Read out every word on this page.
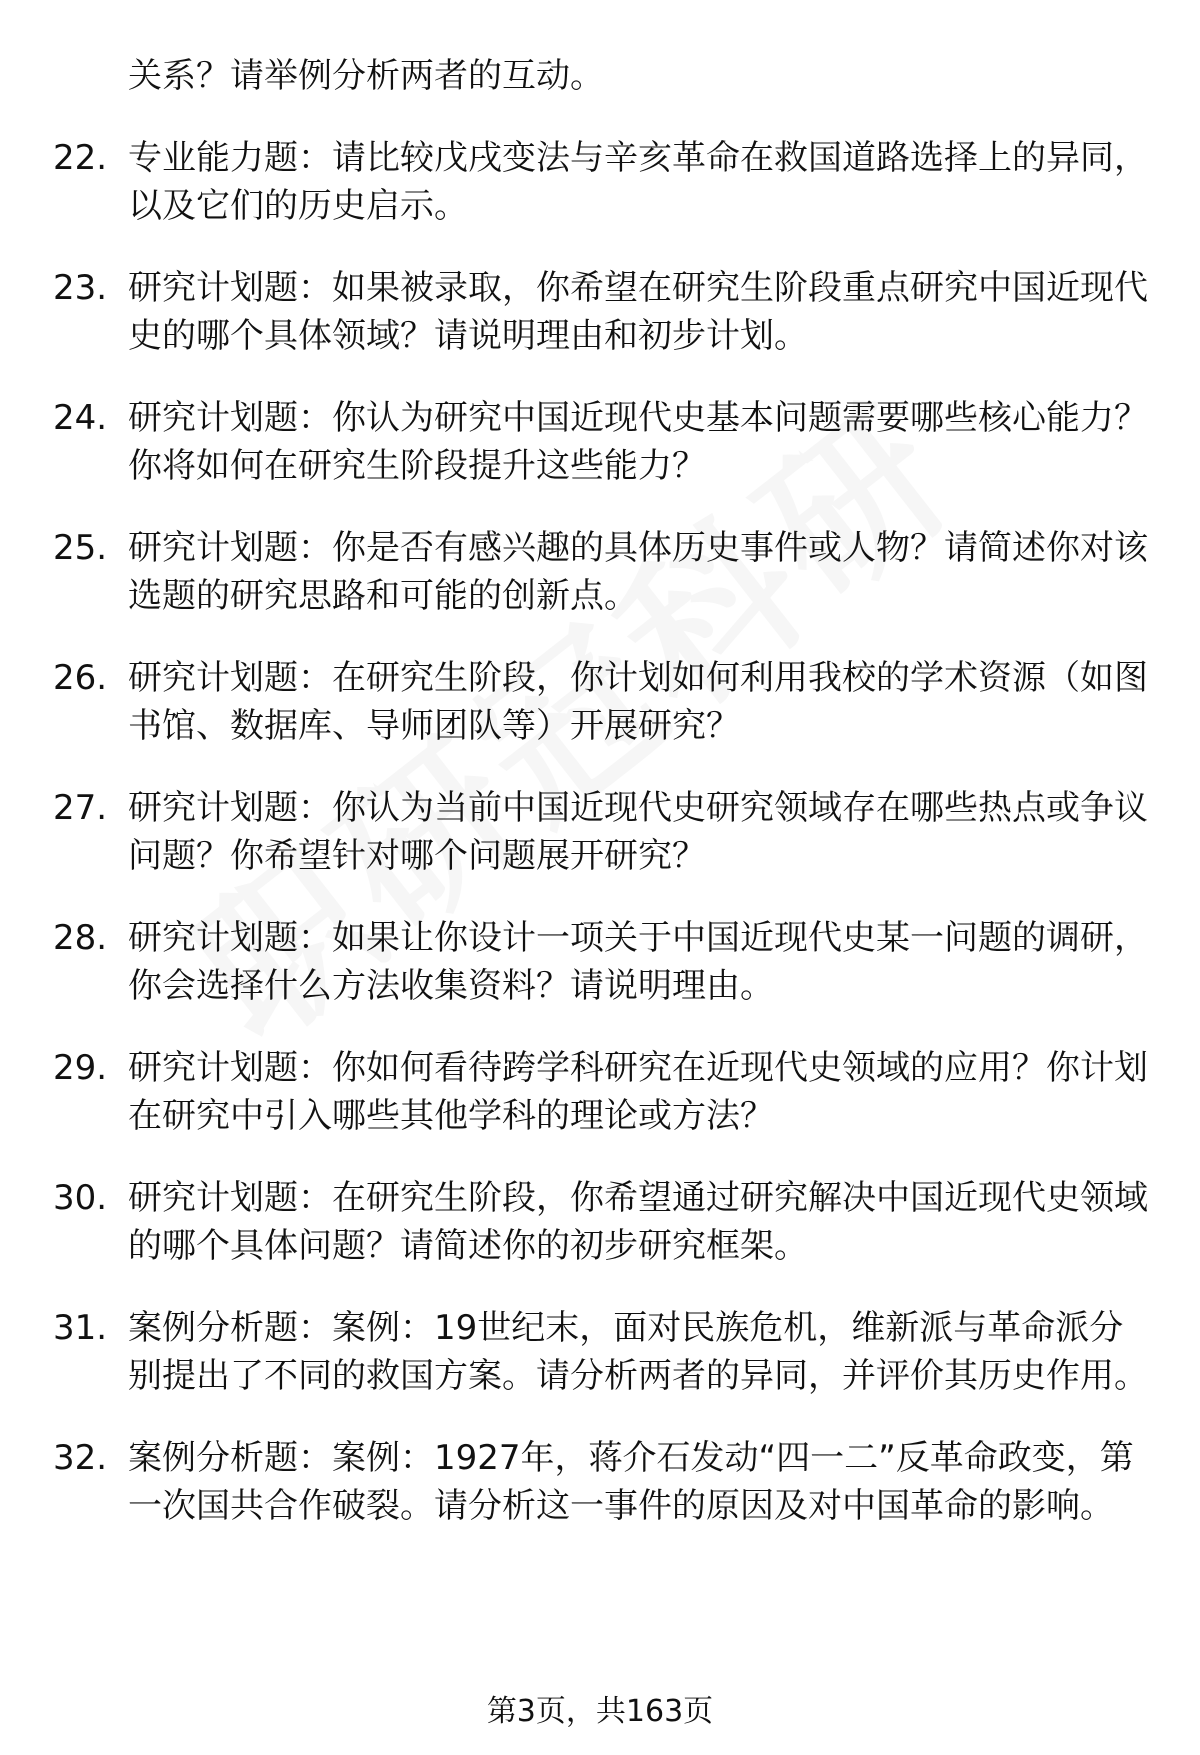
关系？请举例分析两者的互动。
22. 专业能力题：请比较戊戌变法与辛亥革命在救国道路选择上的异同，以及它们的历史启示。
23. 研究计划题：如果被录取，你希望在研究生阶段重点研究中国近现代史的哪个具体领域？请说明理由和初步计划。
24. 研究计划题：你认为研究中国近现代史基本问题需要哪些核心能力？你将如何在研究生阶段提升这些能力？
25. 研究计划题：你是否有感兴趣的具体历史事件或人物？请简述你对该选题的研究思路和可能的创新点。
26. 研究计划题：在研究生阶段，你计划如何利用我校的学术资源（如图书馆、数据库、导师团队等）开展研究？
27. 研究计划题：你认为当前中国近现代史研究领域存在哪些热点或争议问题？你希望针对哪个问题展开研究？
28. 研究计划题：如果让你设计一项关于中国近现代史某一问题的调研，你会选择什么方法收集资料？请说明理由。
29. 研究计划题：你如何看待跨学科研究在近现代史领域的应用？你计划在研究中引入哪些其他学科的理论或方法？
30. 研究计划题：在研究生阶段，你希望通过研究解决中国近现代史领域的哪个具体问题？请简述你的初步研究框架。
31. 案例分析题：案例：19世纪末，面对民族危机，维新派与革命派分别提出了不同的救国方案。请分析两者的异同，并评价其历史作用。
32. 案例分析题：案例：1927年，蒋介石发动“四一二”反革命政变，第一次国共合作破裂。请分析这一事件的原因及对中国革命的影响。
第3页，共163页
